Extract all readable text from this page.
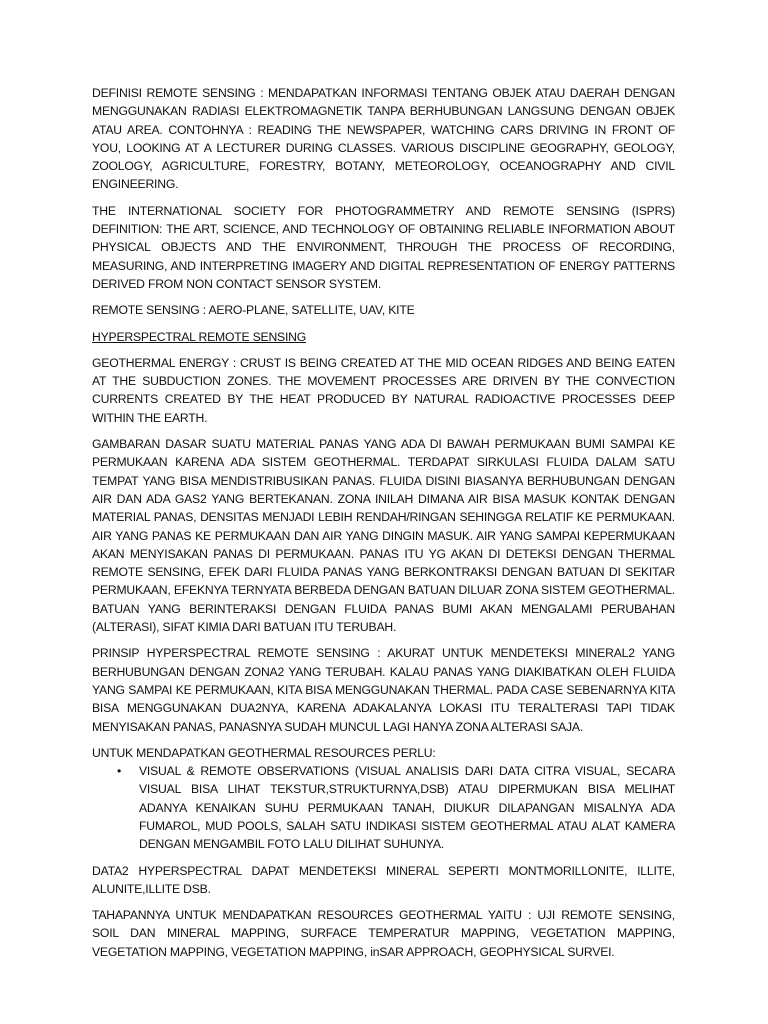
DEFINISI REMOTE SENSING : MENDAPATKAN INFORMASI TENTANG OBJEK ATAU DAERAH DENGAN MENGGUNAKAN RADIASI ELEKTROMAGNETIK TANPA BERHUBUNGAN LANGSUNG DENGAN OBJEK ATAU AREA. CONTOHNYA : READING THE NEWSPAPER, WATCHING CARS DRIVING IN FRONT OF YOU, LOOKING AT A LECTURER DURING CLASSES. VARIOUS DISCIPLINE GEOGRAPHY, GEOLOGY, ZOOLOGY, AGRICULTURE, FORESTRY, BOTANY, METEOROLOGY, OCEANOGRAPHY AND CIVIL ENGINEERING.

THE INTERNATIONAL SOCIETY FOR PHOTOGRAMMETRY AND REMOTE SENSING (ISPRS) DEFINITION: THE ART, SCIENCE, AND TECHNOLOGY OF OBTAINING RELIABLE INFORMATION ABOUT PHYSICAL OBJECTS AND THE ENVIRONMENT, THROUGH THE PROCESS OF RECORDING, MEASURING, AND INTERPRETING IMAGERY AND DIGITAL REPRESENTATION OF ENERGY PATTERNS DERIVED FROM NON CONTACT SENSOR SYSTEM.

REMOTE SENSING : AERO-PLANE, SATELLITE, UAV, KITE

HYPERSPECTRAL REMOTE SENSING

GEOTHERMAL ENERGY : CRUST IS BEING CREATED AT THE MID OCEAN RIDGES AND BEING EATEN AT THE SUBDUCTION ZONES. THE MOVEMENT PROCESSES ARE DRIVEN BY THE CONVECTION CURRENTS CREATED BY THE HEAT PRODUCED BY NATURAL RADIOACTIVE PROCESSES DEEP WITHIN THE EARTH.

GAMBARAN DASAR SUATU MATERIAL PANAS YANG ADA DI BAWAH PERMUKAAN BUMI SAMPAI KE PERMUKAAN KARENA ADA SISTEM GEOTHERMAL. TERDAPAT SIRKULASI FLUIDA DALAM SATU TEMPAT YANG BISA MENDISTRIBUSIKAN PANAS. FLUIDA DISINI BIASANYA BERHUBUNGAN DENGAN AIR DAN ADA GAS2 YANG BERTEKANAN. ZONA INILAH DIMANA AIR BISA MASUK KONTAK DENGAN MATERIAL PANAS, DENSITAS MENJADI LEBIH RENDAH/RINGAN SEHINGGA RELATIF KE PERMUKAAN. AIR YANG PANAS KE PERMUKAAN DAN AIR YANG DINGIN MASUK. AIR YANG SAMPAI KEPERMUKAAN AKAN MENYISAKAN PANAS DI PERMUKAAN. PANAS ITU YG AKAN DI DETEKSI DENGAN THERMAL REMOTE SENSING, EFEK DARI FLUIDA PANAS YANG BERKONTRAKSI DENGAN BATUAN DI SEKITAR PERMUKAAN, EFEKNYA TERNYATA BERBEDA DENGAN BATUAN DILUAR ZONA SISTEM GEOTHERMAL. BATUAN YANG BERINTERAKSI DENGAN FLUIDA PANAS BUMI AKAN MENGALAMI PERUBAHAN (ALTERASI), SIFAT KIMIA DARI BATUAN ITU TERUBAH.

PRINSIP HYPERSPECTRAL REMOTE SENSING : AKURAT UNTUK MENDETEKSI MINERAL2 YANG BERHUBUNGAN DENGAN ZONA2 YANG TERUBAH. KALAU PANAS YANG DIAKIBATKAN OLEH FLUIDA YANG SAMPAI KE PERMUKAAN, KITA BISA MENGGUNAKAN THERMAL. PADA CASE SEBENARNYA KITA BISA MENGGUNAKAN DUA2NYA, KARENA ADAKALANYA LOKASI ITU TERALTERASI TAPI TIDAK MENYISAKAN PANAS, PANASNYA SUDAH MUNCUL LAGI HANYA ZONA ALTERASI SAJA.

UNTUK MENDAPATKAN GEOTHERMAL RESOURCES PERLU:

• VISUAL & REMOTE OBSERVATIONS (VISUAL ANALISIS DARI DATA CITRA VISUAL, SECARA VISUAL BISA LIHAT TEKSTUR,STRUKTURNYA,DSB) ATAU DIPERMUKAN BISA MELIHAT ADANYA KENAIKAN SUHU PERMUKAAN TANAH, DIUKUR DILAPANGAN MISALNYA ADA FUMAROL, MUD POOLS, SALAH SATU INDIKASI SISTEM GEOTHERMAL ATAU ALAT KAMERA DENGAN MENGAMBIL FOTO LALU DILIHAT SUHUNYA.

DATA2 HYPERSPECTRAL DAPAT MENDETEKSI MINERAL SEPERTI MONTMORILLONITE, ILLITE, ALUNITE,ILLITE DSB.

TAHAPANNYA UNTUK MENDAPATKAN RESOURCES GEOTHERMAL YAITU : UJI REMOTE SENSING, SOIL DAN MINERAL MAPPING, SURFACE TEMPERATUR MAPPING, VEGETATION MAPPING, VEGETATION MAPPING, VEGETATION MAPPING, inSAR APPROACH, GEOPHYSICAL SURVEI.
